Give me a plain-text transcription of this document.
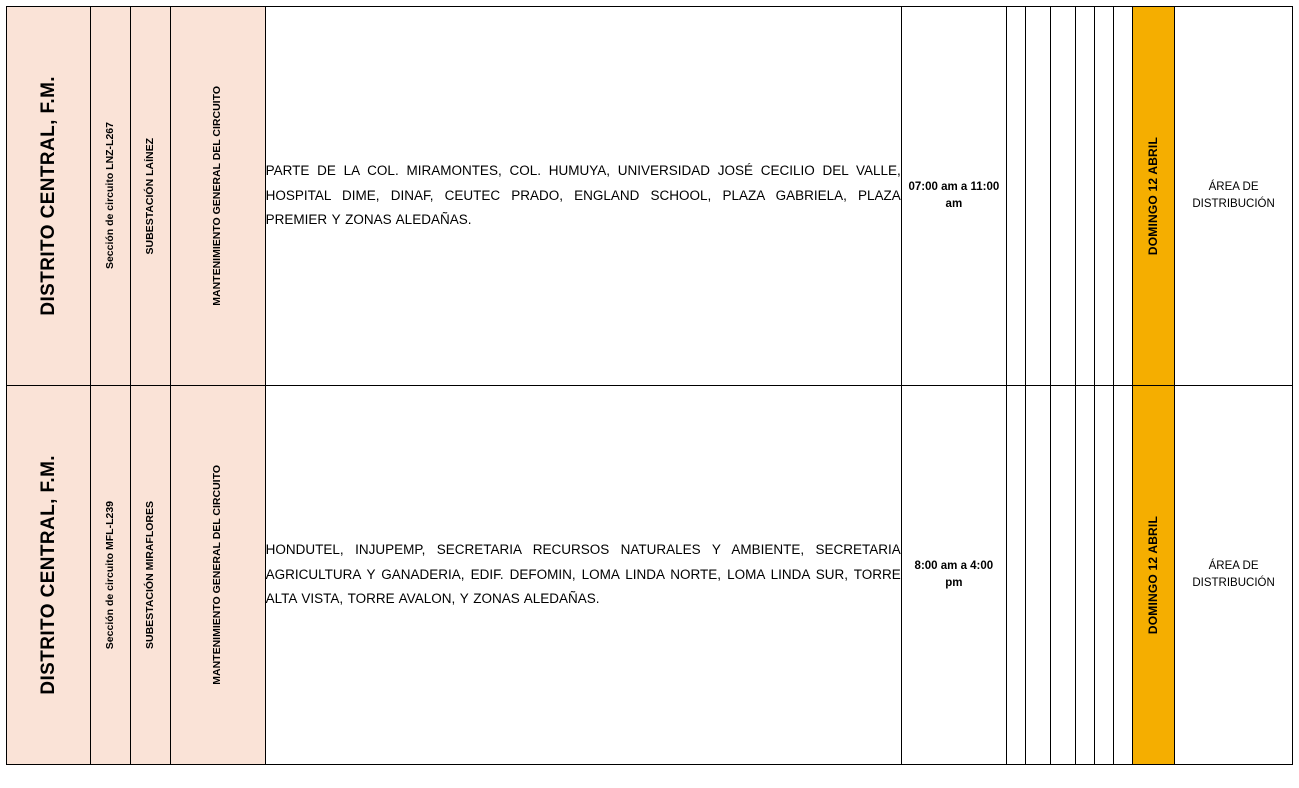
DISTRITO CENTRAL, F.M.	Sección de circuito LNZ-L267	SUBESTACIÓN LAÍNEZ	MANTENIMIENTO GENERAL DEL CIRCUITO	PARTE DE LA COL. MIRAMONTES, COL. HUMUYA, UNIVERSIDAD JOSÉ CECILIO DEL VALLE, HOSPITAL DIME, DINAF, CEUTEC PRADO, ENGLAND SCHOOL, PLAZA GABRIELA, PLAZA PREMIER Y ZONAS ALEDAÑAS.	07:00 am a 11:00 am							DOMINGO 12 ABRIL	ÁREA DE DISTRIBUCIÓN

DISTRITO CENTRAL, F.M.	Sección de circuito MFL-L239	SUBESTACIÓN MIRAFLORES	MANTENIMIENTO GENERAL DEL CIRCUITO	HONDUTEL, INJUPEMP, SECRETARIA RECURSOS NATURALES Y AMBIENTE, SECRETARIA AGRICULTURA Y GANADERIA, EDIF. DEFOMIN, LOMA LINDA NORTE, LOMA LINDA SUR, TORRE ALTA VISTA, TORRE AVALON, Y ZONAS ALEDAÑAS.	8:00 am a 4:00 pm							DOMINGO 12 ABRIL	ÁREA DE DISTRIBUCIÓN
